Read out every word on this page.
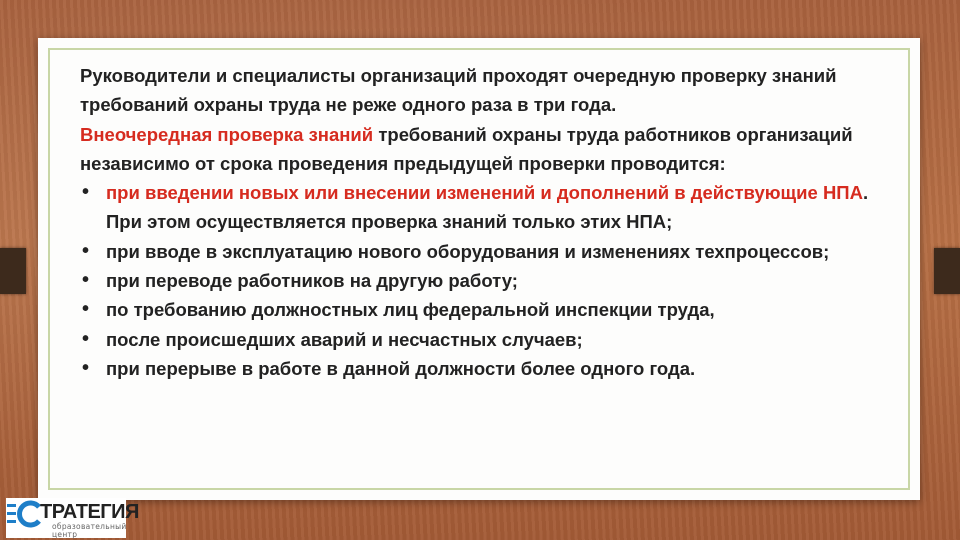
Руководители и специалисты организаций проходят очередную проверку знаний требований охраны труда не реже одного раза в три года.

Внеочередная проверка знаний требований охраны труда работников организаций независимо от срока проведения предыдущей проверки проводится:

• при введении новых или внесении изменений и дополнений в действующие НПА. При этом осуществляется проверка знаний только этих НПА;
• при вводе в эксплуатацию нового оборудования и изменениях техпроцессов;
• при переводе работников на другую работу;
• по требованию должностных лиц федеральной инспекции труда,
• после происшедших аварий и несчастных случаев;
• при перерыве в работе в данной должности более одного года.
ТРАТЕГИЯ
образовательный центр
